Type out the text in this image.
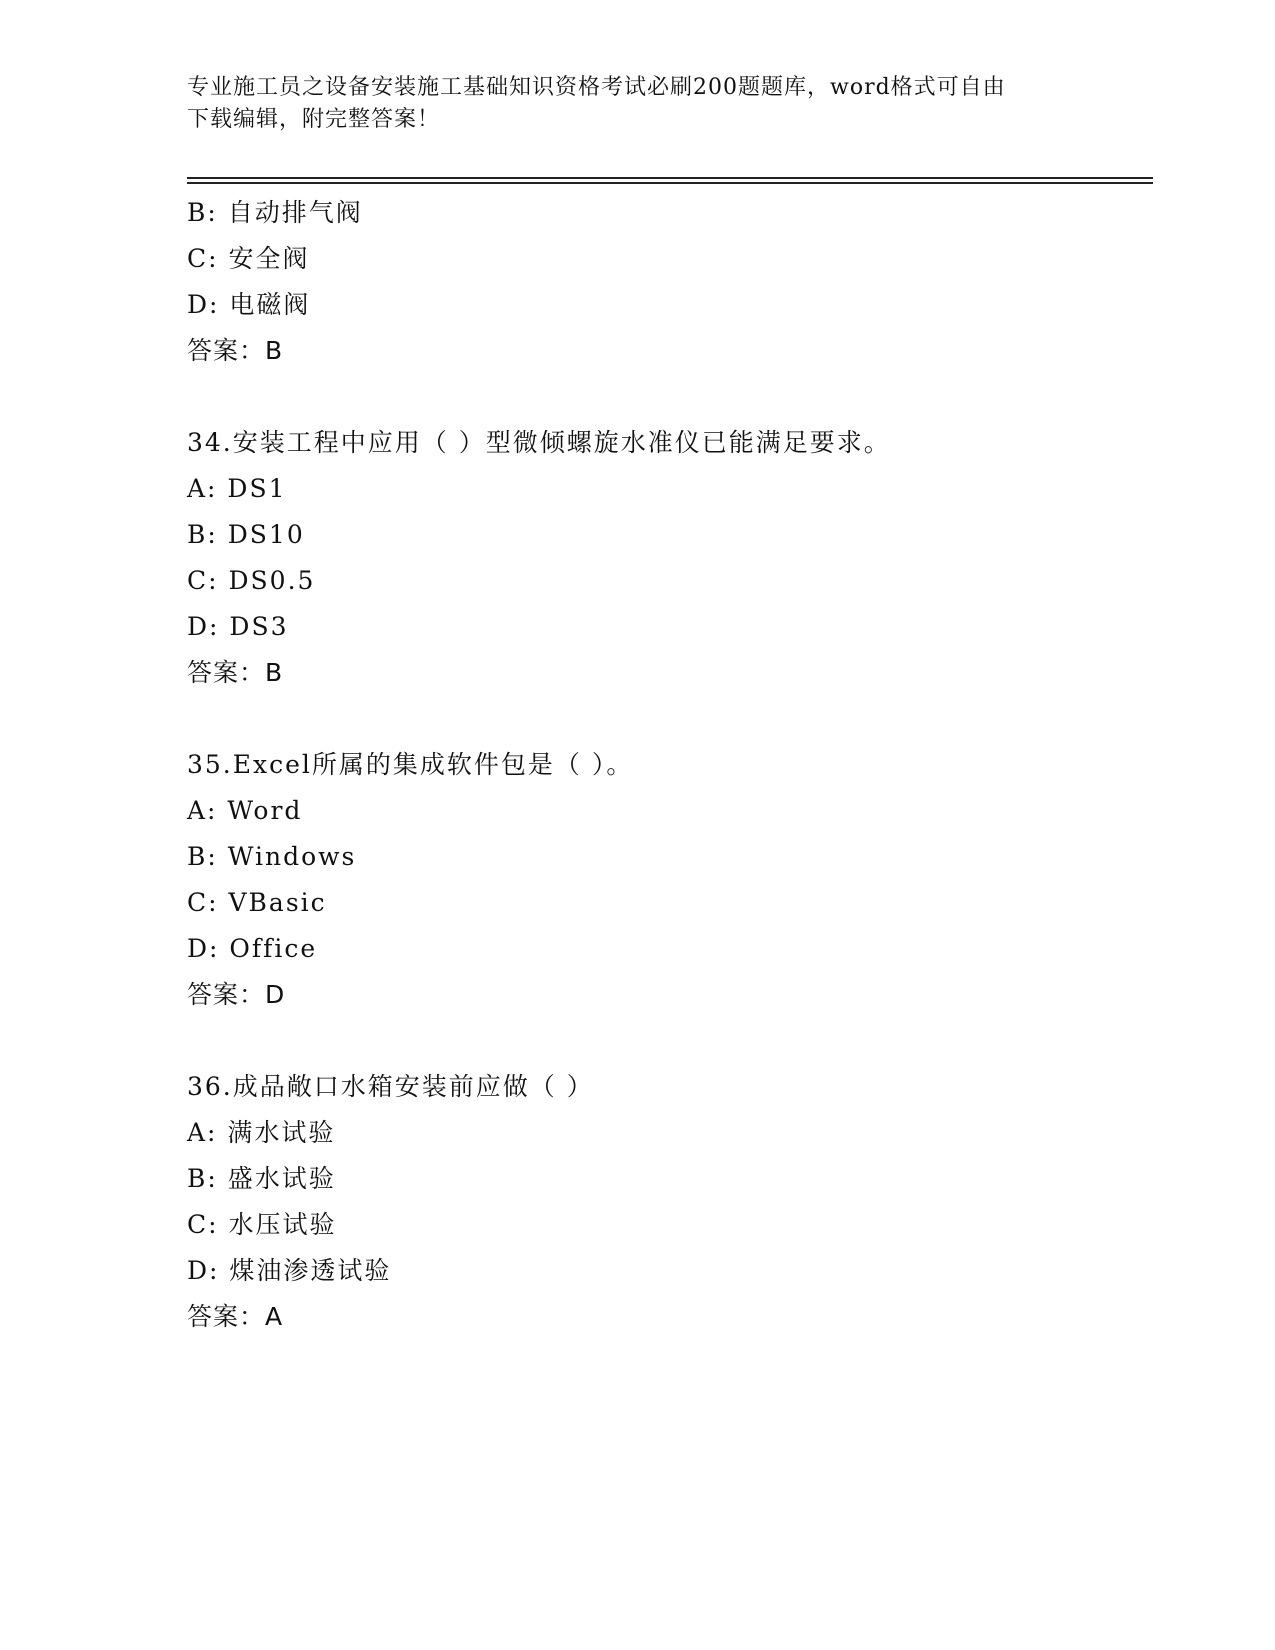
专业施工员之设备安装施工基础知识资格考试必刷200题题库，word格式可自由
下载编辑，附完整答案！
B: 自动排气阀
C: 安全阀
D: 电磁阀
答案：B
34.安装工程中应用（ ）型微倾螺旋水准仪已能满足要求。
A: DS1
B: DS10
C: DS0.5
D: DS3
答案：B
35.Excel所属的集成软件包是（ ）。
A: Word
B: Windows
C: VBasic
D: Office
答案：D
36.成品敞口水箱安装前应做（ ）
A: 满水试验
B: 盛水试验
C: 水压试验
D: 煤油渗透试验
答案：A
